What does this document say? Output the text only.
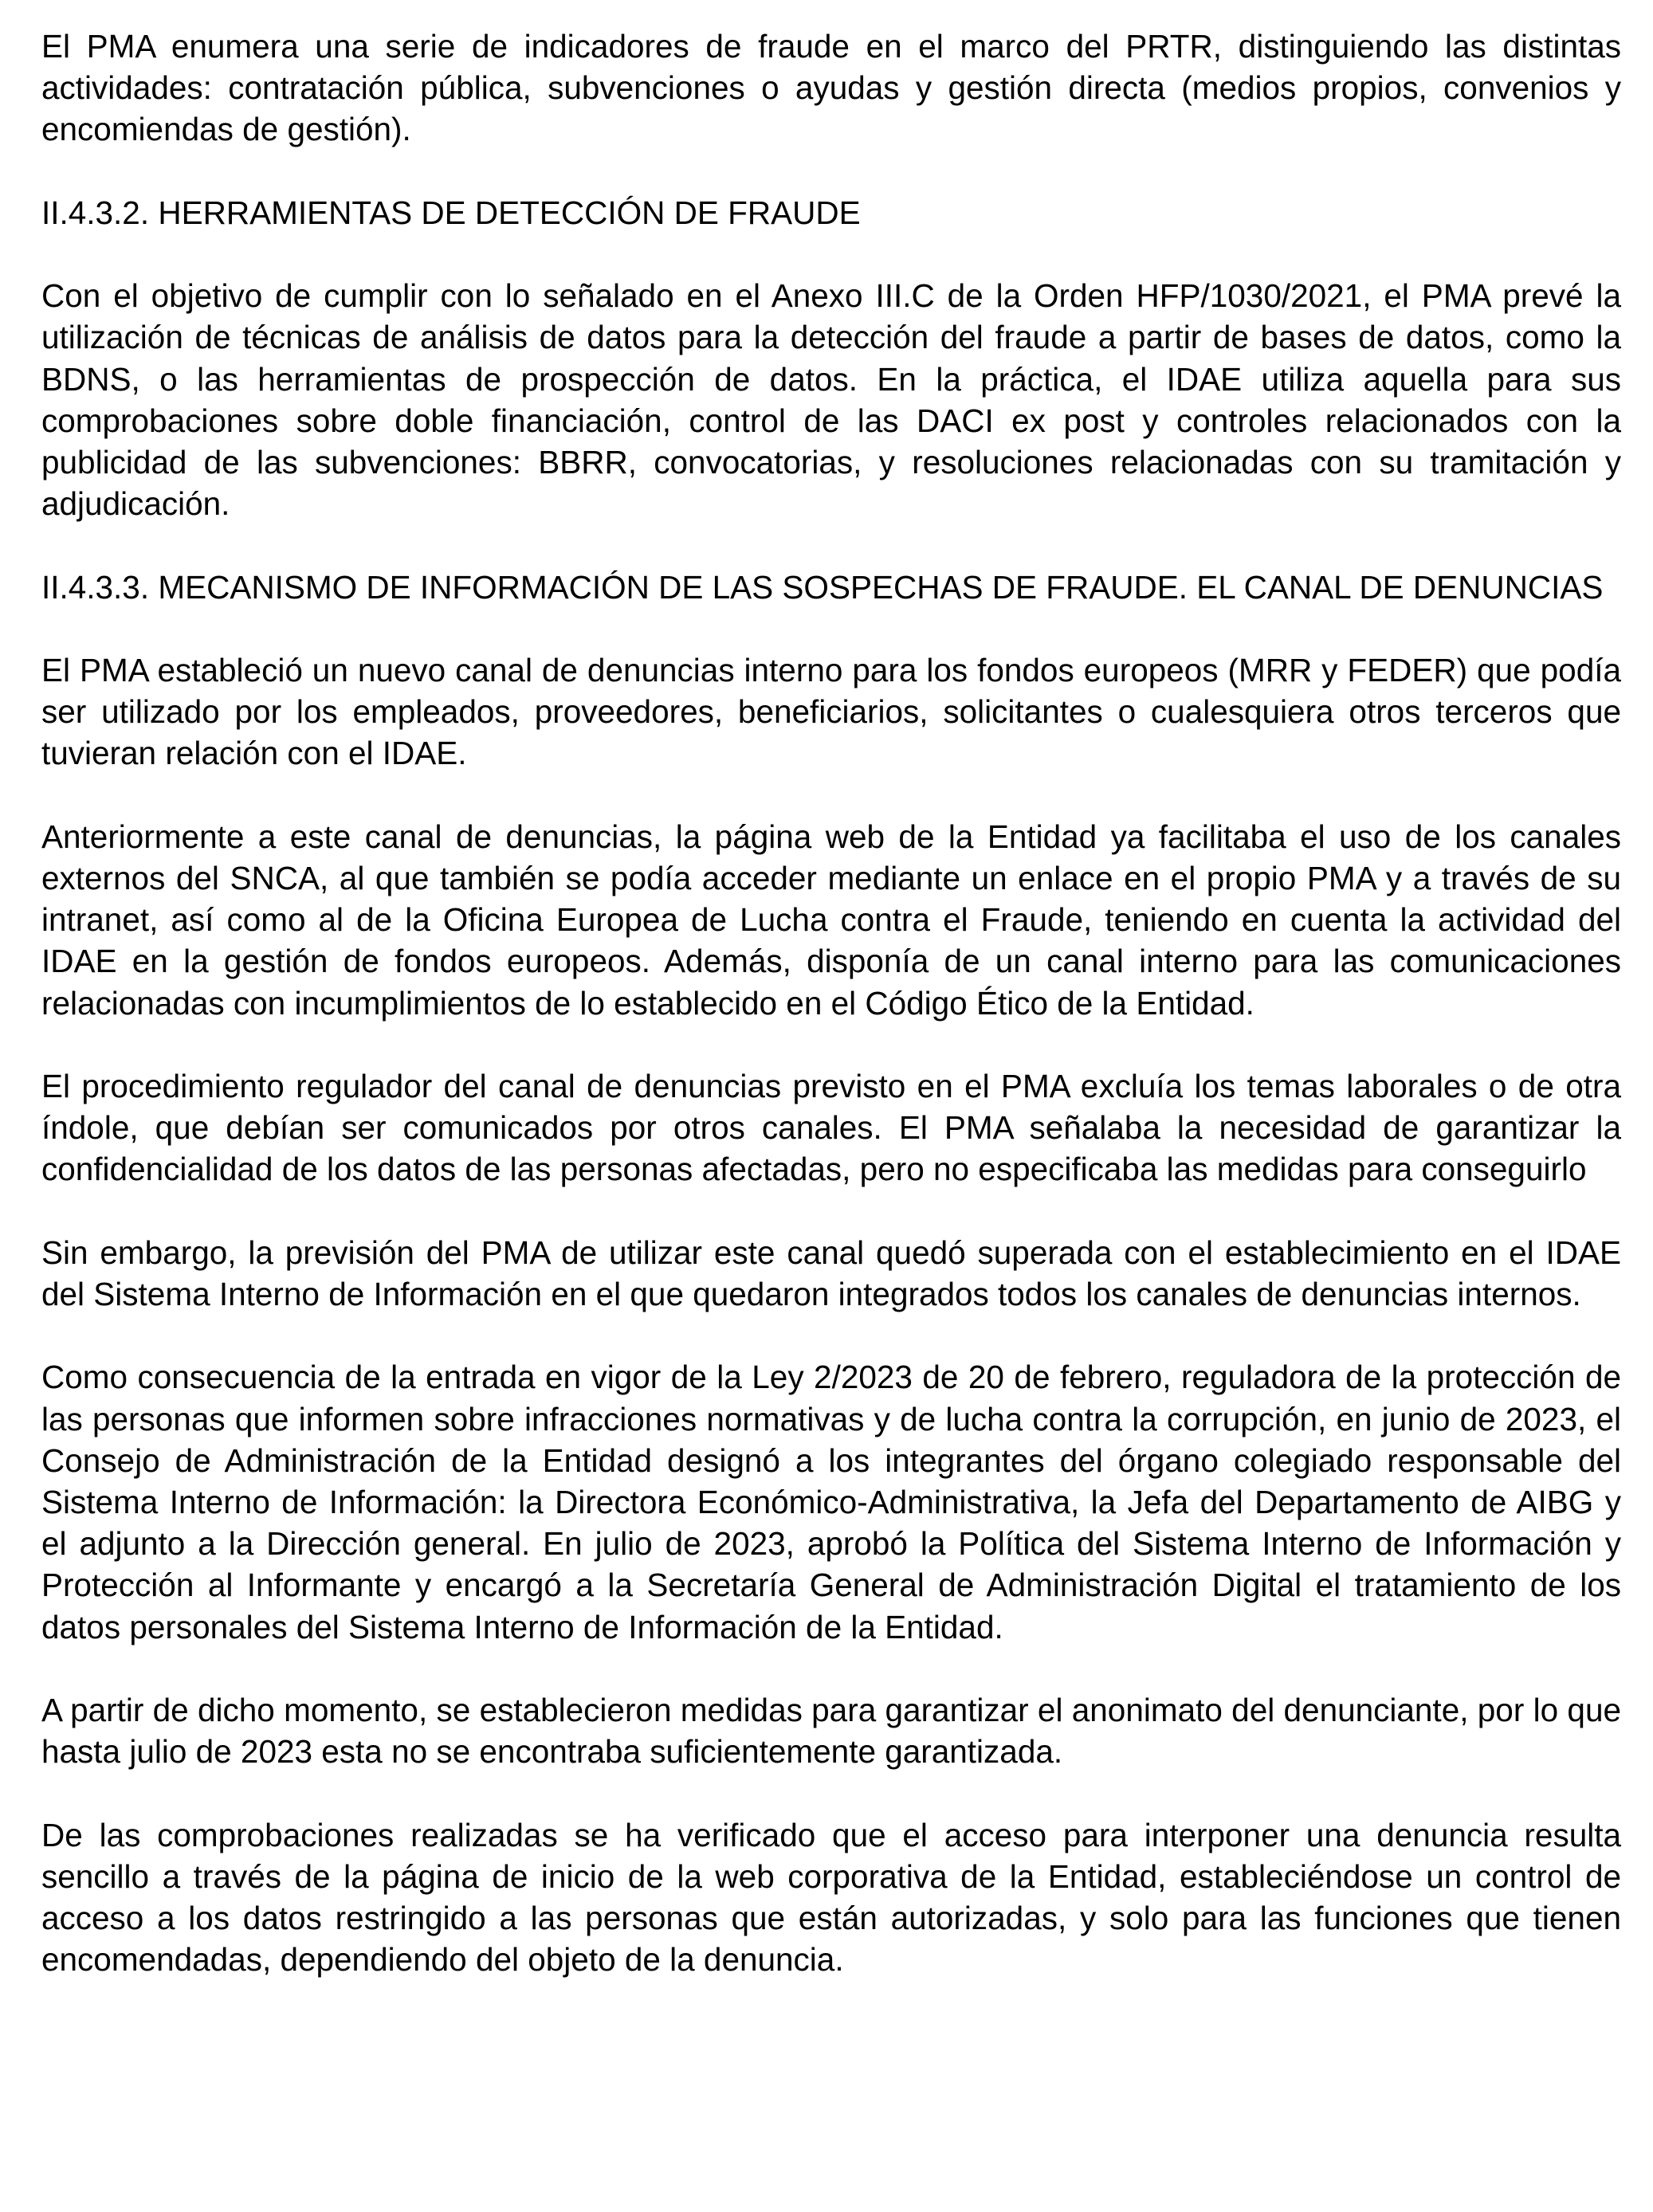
El PMA enumera una serie de indicadores de fraude en el marco del PRTR, distinguiendo las distintas actividades: contratación pública, subvenciones o ayudas y gestión directa (medios propios, convenios y encomiendas de gestión).

II.4.3.2. HERRAMIENTAS DE DETECCIÓN DE FRAUDE

Con el objetivo de cumplir con lo señalado en el Anexo III.C de la Orden HFP/1030/2021, el PMA prevé la utilización de técnicas de análisis de datos para la detección del fraude a partir de bases de datos, como la BDNS, o las herramientas de prospección de datos. En la práctica, el IDAE utiliza aquella para sus comprobaciones sobre doble financiación, control de las DACI ex post y controles relacionados con la publicidad de las subvenciones: BBRR, convocatorias, y resoluciones relacionadas con su tramitación y adjudicación.

II.4.3.3. MECANISMO DE INFORMACIÓN DE LAS SOSPECHAS DE FRAUDE. EL CANAL DE DENUNCIAS

El PMA estableció un nuevo canal de denuncias interno para los fondos europeos (MRR y FEDER) que podía ser utilizado por los empleados, proveedores, beneficiarios, solicitantes o cualesquiera otros terceros que tuvieran relación con el IDAE.

Anteriormente a este canal de denuncias, la página web de la Entidad ya facilitaba el uso de los canales externos del SNCA, al que también se podía acceder mediante un enlace en el propio PMA y a través de su intranet, así como al de la Oficina Europea de Lucha contra el Fraude, teniendo en cuenta la actividad del IDAE en la gestión de fondos europeos. Además, disponía de un canal interno para las comunicaciones relacionadas con incumplimientos de lo establecido en el Código Ético de la Entidad.

El procedimiento regulador del canal de denuncias previsto en el PMA excluía los temas laborales o de otra índole, que debían ser comunicados por otros canales. El PMA señalaba la necesidad de garantizar la confidencialidad de los datos de las personas afectadas, pero no especificaba las medidas para conseguirlo

Sin embargo, la previsión del PMA de utilizar este canal quedó superada con el establecimiento en el IDAE del Sistema Interno de Información en el que quedaron integrados todos los canales de denuncias internos.

Como consecuencia de la entrada en vigor de la Ley 2/2023 de 20 de febrero, reguladora de la protección de las personas que informen sobre infracciones normativas y de lucha contra la corrupción, en junio de 2023, el Consejo de Administración de la Entidad designó a los integrantes del órgano colegiado responsable del Sistema Interno de Información: la Directora Económico-Administrativa, la Jefa del Departamento de AIBG y el adjunto a la Dirección general. En julio de 2023, aprobó la Política del Sistema Interno de Información y Protección al Informante y encargó a la Secretaría General de Administración Digital el tratamiento de los datos personales del Sistema Interno de Información de la Entidad.

A partir de dicho momento, se establecieron medidas para garantizar el anonimato del denunciante, por lo que hasta julio de 2023 esta no se encontraba suficientemente garantizada.

De las comprobaciones realizadas se ha verificado que el acceso para interponer una denuncia resulta sencillo a través de la página de inicio de la web corporativa de la Entidad, estableciéndose un control de acceso a los datos restringido a las personas que están autorizadas, y solo para las funciones que tienen encomendadas, dependiendo del objeto de la denuncia.
